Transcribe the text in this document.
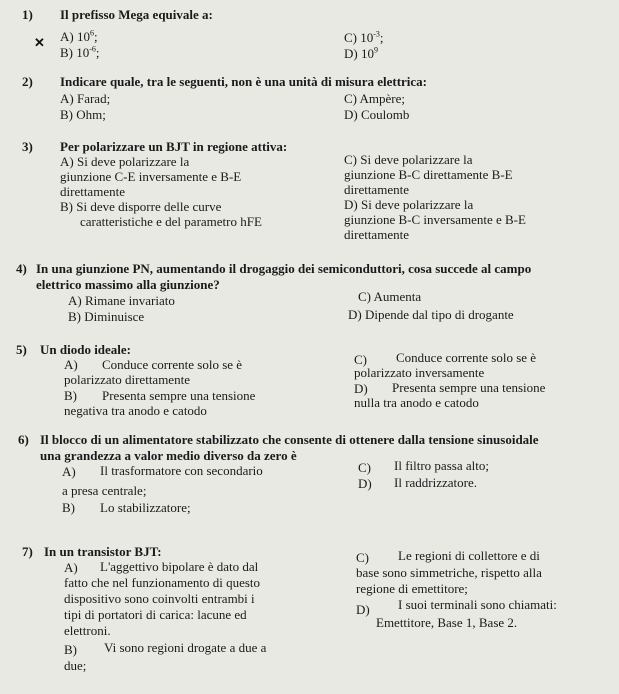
1) Il prefisso Mega equivale a:
A) $10^6$;
✕
B) $10^{-6}$;
C) $10^{-3}$;
D) $10^9$
2) Indicare quale, tra le seguenti, non è una unità di misura elettrica:
A) Farad;
B) Ohm;
C) Ampère;
D) Coulomb
3) Per polarizzare un BJT in regione attiva:
A) Si deve polarizzare la
giunzione C-E inversamente e B-E
direttamente
B) Si deve disporre delle curve
caratteristiche e del parametro hFE
C) Si deve polarizzare la
giunzione B-C direttamente B-E
direttamente
D) Si deve polarizzare la
giunzione B-C inversamente e B-E
direttamente
4) In una giunzione PN, aumentando il drogaggio dei semiconduttori, cosa succede al campo
elettrico massimo alla giunzione?
A) Rimane invariato
B) Diminuisce
C) Aumenta
D) Dipende dal tipo di drogante
5) Un diodo ideale:
A) Conduce corrente solo se è
polarizzato direttamente
B) Presenta sempre una tensione
negativa tra anodo e catodo
C) Conduce corrente solo se è
polarizzato inversamente
D) Presenta sempre una tensione
nulla tra anodo e catodo
6) Il blocco di un alimentatore stabilizzato che consente di ottenere dalla tensione sinusoidale
una grandezza a valor medio diverso da zero è
A) Il trasformatore con secondario
a presa centrale;
B) Lo stabilizzatore;
C) Il filtro passa alto;
D) Il raddrizzatore.
7) In un transistor BJT:
A) L'aggettivo bipolare è dato dal
fatto che nel funzionamento di questo
dispositivo sono coinvolti entrambi i
tipi di portatori di carica: lacune ed
elettroni.
B) Vi sono regioni drogate a due a
due;
C) Le regioni di collettore e di
base sono simmetriche, rispetto alla
regione di emettitore;
D) I suoi terminali sono chiamati:
Emettitore, Base 1, Base 2.
